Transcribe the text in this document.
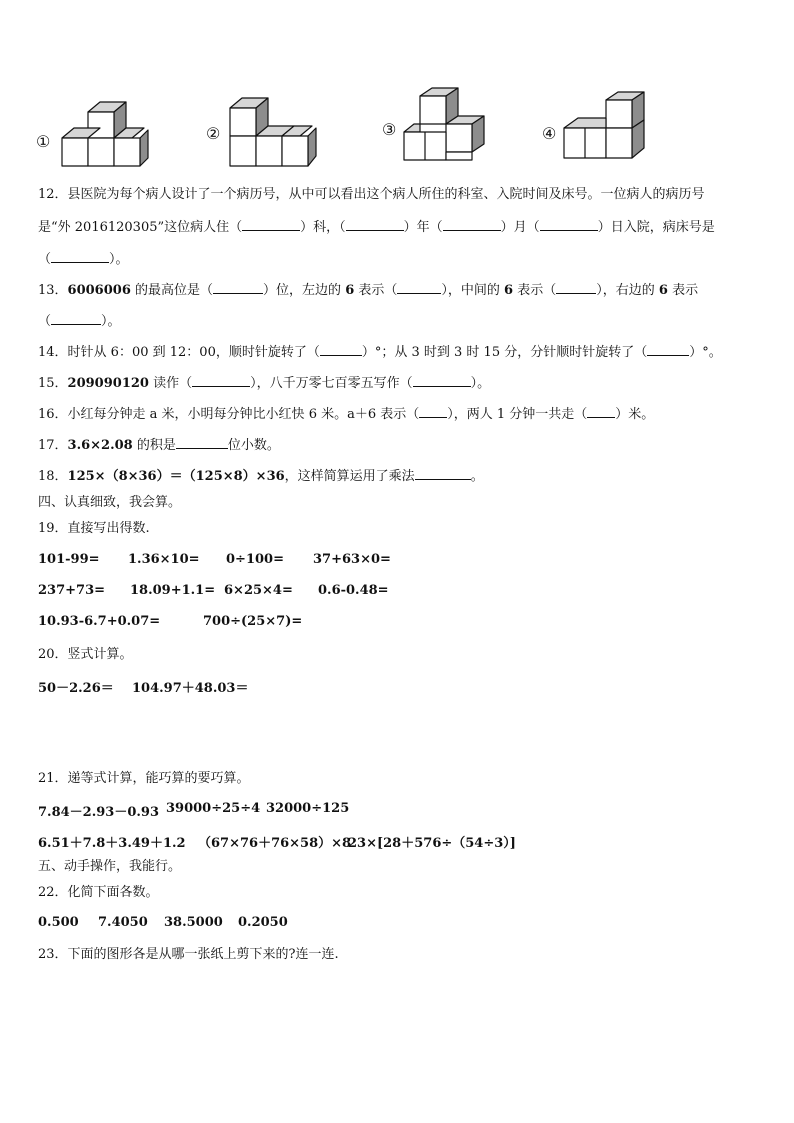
①	②	③	④
12．县医院为每个病人设计了一个病历号，从中可以看出这个病人所住的科室、入院时间及床号。一位病人的病历号
是“外 2016120305”这位病人住（	）科，（	）年（	）月（	）日入院，病床号是
（	）。
13．6006006 的最高位是（	）位，左边的 6 表示（	），中间的 6 表示（	），右边的 6 表示
（	）。
14．时针从 6：00 到 12：00，顺时针旋转了（	）°；从 3 时到 3 时 15 分，分针顺时针旋转了（	）°。
15．209090120 读作（	），八千万零七百零五写作（	）。
16．小红每分钟走 a 米，小明每分钟比小红快 6 米。a＋6 表示（ ），两人 1 分钟一共走（ ）米。
17．3.6×2.08 的积是	位小数。
18．125×（8×36）＝（125×8）×36，这样简算运用了乘法	。
四、认真细致，我会算。
19．直接写出得数.
101-99= 1.36×10= 0÷100= 37+63×0=
237+73= 18.09+1.1= 6×25×4= 0.6-0.48=
10.93-6.7+0.07=	700÷(25×7)=
20．竖式计算。
50－2.26＝ 104.97＋48.03＝
21．递等式计算，能巧算的要巧算。
7.84－2.93－0.93 39000÷25÷4 32000÷125
6.51＋7.8＋3.49＋1.2 （67×76＋76×58）×8
23×[28＋576÷（54÷3）]
五、动手操作，我能行。
22．化简下面各数。
0.500 7.4050 38.5000 0.2050
23．下面的图形各是从哪一张纸上剪下来的?连一连.
